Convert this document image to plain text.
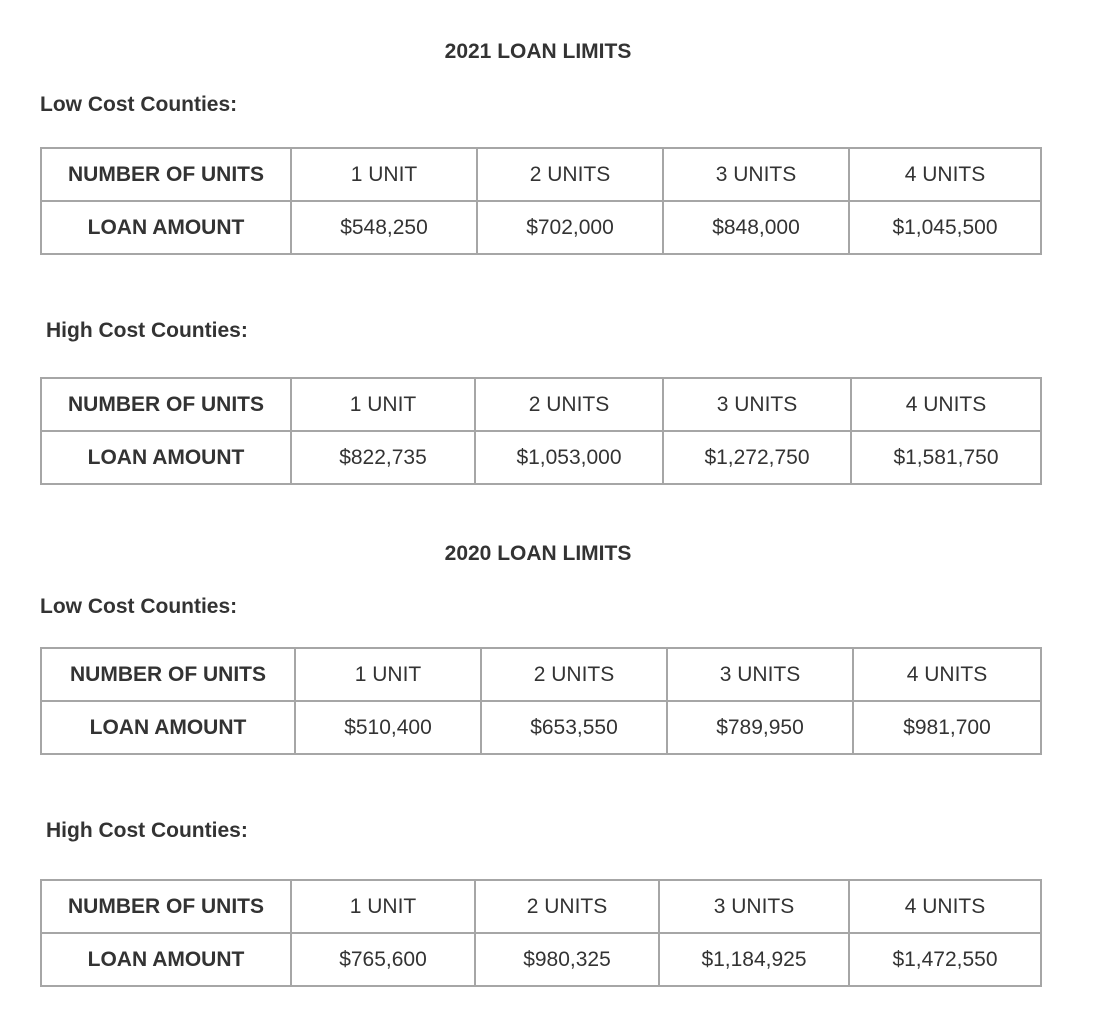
2021 LOAN LIMITS
Low Cost Counties:
NUMBER OF UNITS	1 UNIT	2 UNITS	3 UNITS	4 UNITS
LOAN AMOUNT	$548,250	$702,000	$848,000	$1,045,500
High Cost Counties:
NUMBER OF UNITS	1 UNIT	2 UNITS	3 UNITS	4 UNITS
LOAN AMOUNT	$822,735	$1,053,000	$1,272,750	$1,581,750
2020 LOAN LIMITS
Low Cost Counties:
NUMBER OF UNITS	1 UNIT	2 UNITS	3 UNITS	4 UNITS
LOAN AMOUNT	$510,400	$653,550	$789,950	$981,700
High Cost Counties:
NUMBER OF UNITS	1 UNIT	2 UNITS	3 UNITS	4 UNITS
LOAN AMOUNT	$765,600	$980,325	$1,184,925	$1,472,550
